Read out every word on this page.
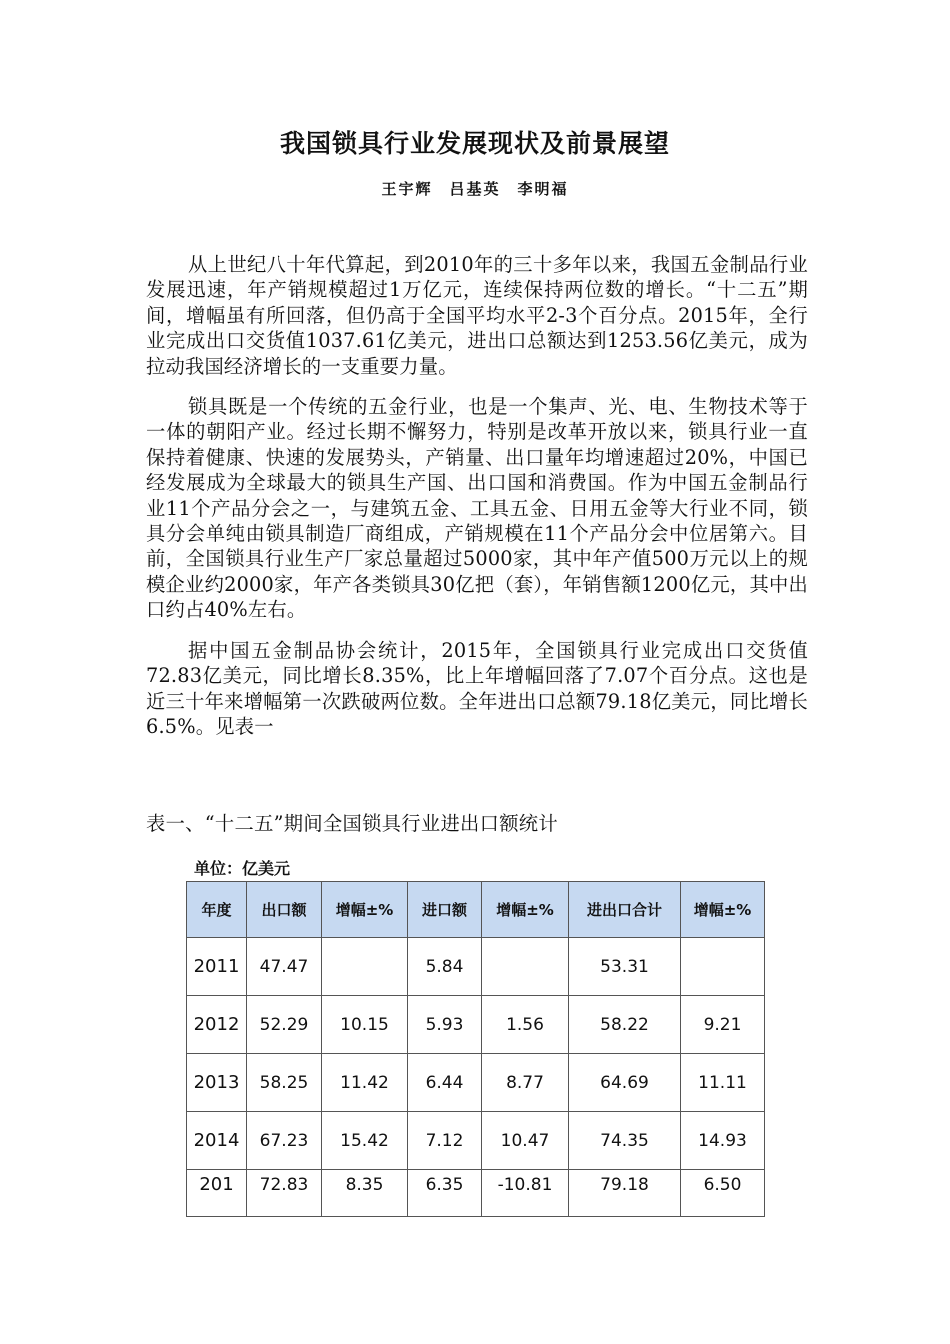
我国锁具行业发展现状及前景展望
王宇辉　吕基英　李明福

从上世纪八十年代算起，到2010年的三十多年以来，我国五金制品行业发展迅速，年产销规模超过1万亿元，连续保持两位数的增长。“十二五”期间，增幅虽有所回落，但仍高于全国平均水平2-3个百分点。2015年，全行业完成出口交货值1037.61亿美元，进出口总额达到1253.56亿美元，成为拉动我国经济增长的一支重要力量。

锁具既是一个传统的五金行业，也是一个集声、光、电、生物技术等于一体的朝阳产业。经过长期不懈努力，特别是改革开放以来，锁具行业一直保持着健康、快速的发展势头，产销量、出口量年均增速超过20%，中国已经发展成为全球最大的锁具生产国、出口国和消费国。作为中国五金制品行业11个产品分会之一，与建筑五金、工具五金、日用五金等大行业不同，锁具分会单纯由锁具制造厂商组成，产销规模在11个产品分会中位居第六。目前，全国锁具行业生产厂家总量超过5000家，其中年产值500万元以上的规模企业约2000家，年产各类锁具30亿把（套），年销售额1200亿元，其中出口约占40%左右。

据中国五金制品协会统计，2015年，全国锁具行业完成出口交货值72.83亿美元，同比增长8.35%，比上年增幅回落了7.07个百分点。这也是近三十年来增幅第一次跌破两位数。全年进出口总额79.18亿美元，同比增长6.5%。见表一

表一、“十二五”期间全国锁具行业进出口额统计
单位：亿美元
年度	出口额	增幅±%	进口额	增幅±%	进出口合计	增幅±%
2011	47.47		5.84		53.31	
2012	52.29	10.15	5.93	1.56	58.22	9.21
2013	58.25	11.42	6.44	8.77	64.69	11.11
2014	67.23	15.42	7.12	10.47	74.35	14.93
201	72.83	8.35	6.35	-10.81	79.18	6.50
